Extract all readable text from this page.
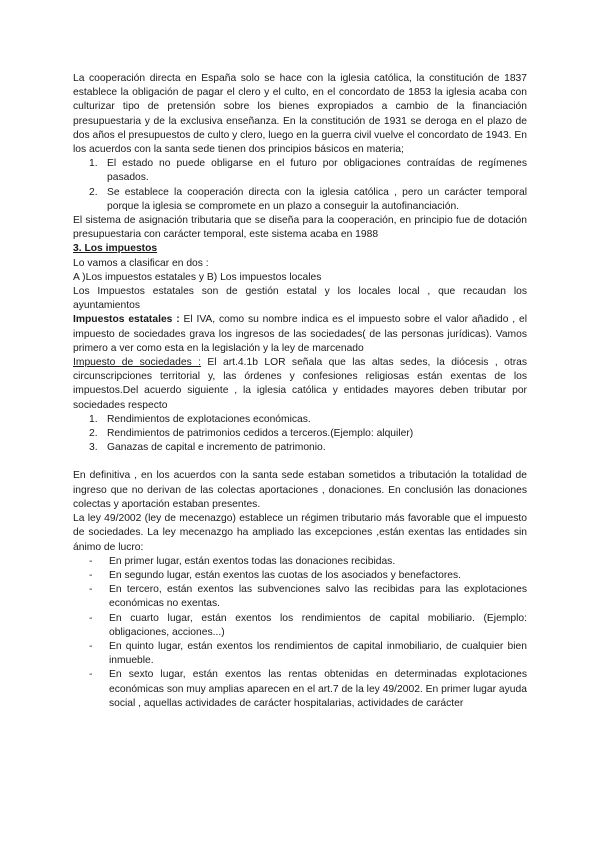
La cooperación directa en España solo se hace con la iglesia católica, la constitución de 1837 establece la obligación de pagar el clero y el culto, en el concordato de 1853 la iglesia acaba con culturizar tipo de pretensión sobre los bienes expropiados a cambio de la financiación presupuestaria y de la exclusiva enseñanza. En la constitución de 1931 se deroga en el plazo de dos años el presupuestos de culto y clero, luego en la guerra civil vuelve el concordato de 1943. En los acuerdos con la santa sede tienen dos principios básicos en materia;

1. El estado no puede obligarse en el futuro por obligaciones contraídas de regímenes pasados.
2. Se establece la cooperación directa con la iglesia católica , pero un carácter temporal porque la iglesia se compromete en un plazo a conseguir la autofinanciación.

El sistema de asignación tributaria que se diseña para la cooperación, en principio fue de dotación presupuestaria con carácter temporal, este sistema acaba en 1988

3. Los impuestos
Lo vamos a clasificar en dos :
A )Los impuestos estatales y B) Los impuestos locales

Los Impuestos estatales son de gestión estatal y los locales local , que recaudan los ayuntamientos

Impuestos estatales : El IVA, como su nombre indica es el impuesto sobre el valor añadido , el impuesto de sociedades grava los ingresos de las sociedades( de las personas jurídicas). Vamos primero a ver como esta en la legislación y la ley de marcenado

Impuesto de sociedades : El art.4.1b LOR señala que las altas sedes, la diócesis , otras circunscripciones territorial y, las órdenes y confesiones religiosas están exentas de los impuestos.Del acuerdo siguiente , la iglesia católica y entidades mayores deben tributar por sociedades respecto

1. Rendimientos de explotaciones económicas.
2. Rendimientos de patrimonios cedidos a terceros.(Ejemplo: alquiler)
3. Ganazas de capital e incremento de patrimonio.

En definitiva , en los acuerdos con la santa sede estaban sometidos a tributación la totalidad de ingreso que no derivan de las colectas aportaciones , donaciones. En conclusión las donaciones colectas y aportación estaban presentes.

La ley 49/2002 (ley de mecenazgo) establece un régimen tributario más favorable que el impuesto de sociedades. La ley mecenazgo ha ampliado las excepciones ,están exentas las entidades sin ánimo de lucro:

- En primer lugar, están exentos todas las donaciones recibidas.
- En segundo lugar, están exentos las cuotas de los asociados y benefactores.
- En tercero, están exentos las subvenciones salvo las recibidas para las explotaciones económicas no exentas.
- En cuarto lugar, están exentos los rendimientos de capital mobiliario. (Ejemplo: obligaciones, acciones...)
- En quinto lugar, están exentos los rendimientos de capital inmobiliario, de cualquier bien inmueble.
- En sexto lugar, están exentos las rentas obtenidas en determinadas explotaciones económicas son muy amplias aparecen en el art.7 de la ley 49/2002. En primer lugar ayuda social , aquellas actividades de carácter hospitalarias, actividades de carácter
